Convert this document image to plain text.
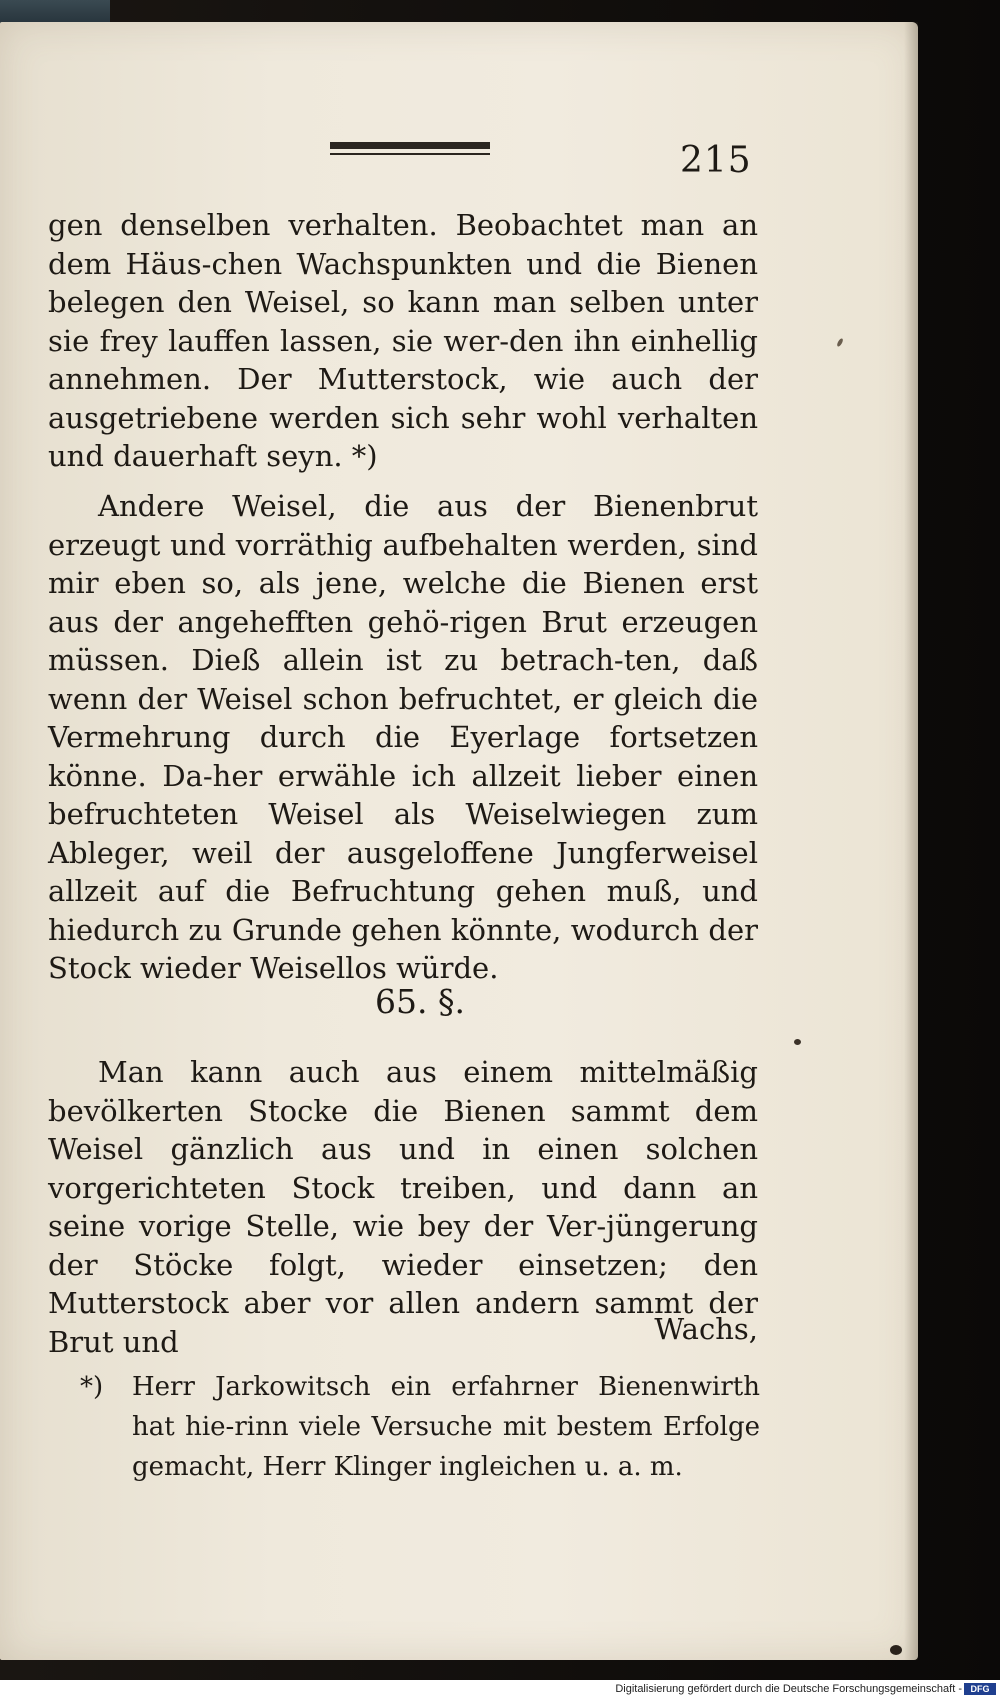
215

gen denselben verhalten. Beobachtet man an dem Häus-chen Wachspunkten und die Bienen belegen den Weisel, so kann man selben unter sie frey lauffen lassen, sie wer-den ihn einhellig annehmen. Der Mutterstock, wie auch der ausgetriebene werden sich sehr wohl verhalten und dauerhaft seyn. *)

Andere Weisel, die aus der Bienenbrut erzeugt und vorräthig aufbehalten werden, sind mir eben so, als jene, welche die Bienen erst aus der angehefften gehö-rigen Brut erzeugen müssen. Dieß allein ist zu betrach-ten, daß wenn der Weisel schon befruchtet, er gleich die Vermehrung durch die Eyerlage fortsetzen könne. Da-her erwähle ich allzeit lieber einen befruchteten Weisel als Weiselwiegen zum Ableger, weil der ausgeloffene Jungferweisel allzeit auf die Befruchtung gehen muß, und hiedurch zu Grunde gehen könnte, wodurch der Stock wieder Weisellos würde.

65. §.

Man kann auch aus einem mittelmäßig bevölkerten Stocke die Bienen sammt dem Weisel gänzlich aus und in einen solchen vorgerichteten Stock treiben, und dann an seine vorige Stelle, wie bey der Ver-jüngerung der Stöcke folgt, wieder einsetzen; den Mutterstock aber vor allen andern sammt der Brut und	Wachs,
*) Herr Jarkowitsch ein erfahrner Bienenwirth hat hie-rinn viele Versuche mit bestem Erfolge gemacht, Herr Klinger ingleichen u. a. m.
Digitalisierung gefördert durch die Deutsche Forschungsgemeinschaft - DFG
